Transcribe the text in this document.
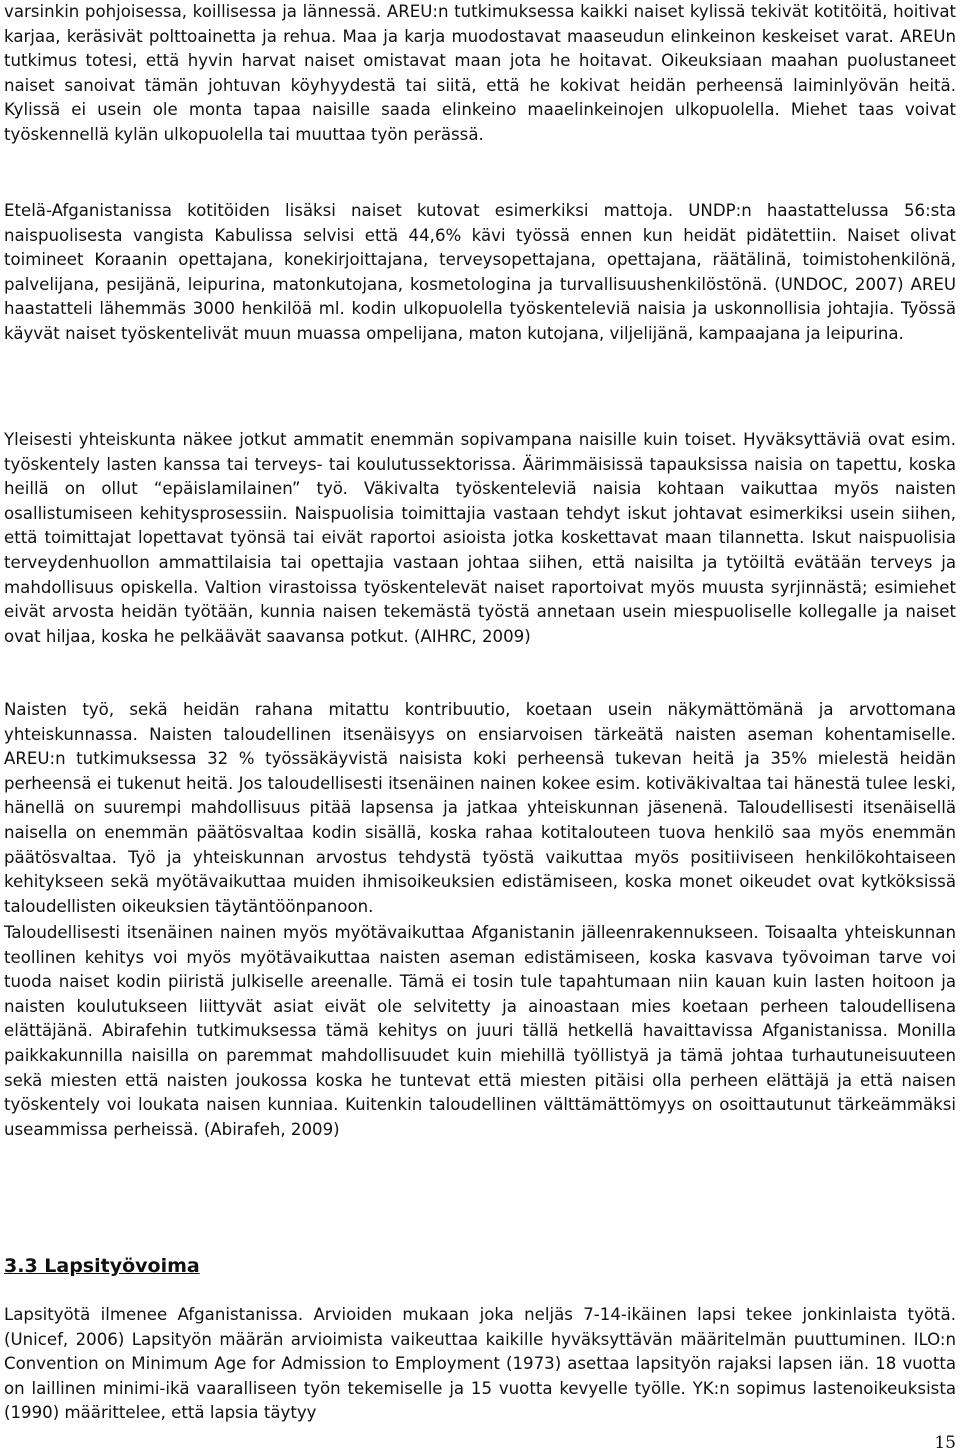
varsinkin pohjoisessa, koillisessa ja lännessä. AREU:n tutkimuksessa kaikki naiset kylissä tekivät kotitöitä, hoitivat karjaa, keräsivät polttoainetta ja rehua. Maa ja karja muodostavat maaseudun elinkeinon keskeiset varat. AREUn tutkimus totesi, että hyvin harvat naiset omistavat maan jota he hoitavat. Oikeuksiaan maahan puolustaneet naiset sanoivat tämän johtuvan köyhyydestä tai siitä, että he kokivat heidän perheensä laiminlyövän heitä. Kylissä ei usein ole monta tapaa naisille saada elinkeino maaelinkeinojen ulkopuolella. Miehet taas voivat työskennellä kylän ulkopuolella tai muuttaa työn perässä.

Etelä-Afganistanissa kotitöiden lisäksi naiset kutovat esimerkiksi mattoja. UNDP:n haastattelussa 56:sta naispuolisesta vangista Kabulissa selvisi että 44,6% kävi työssä ennen kun heidät pidätettiin. Naiset olivat toimineet Koraanin opettajana, konekirjoittajana, terveysopettajana, opettajana, räätälinä, toimistohenkilönä, palvelijana, pesijänä, leipurina, matonkutojana, kosmetologina ja turvallisuushenkilöstönä. (UNDOC, 2007) AREU haastatteli lähemmäs 3000 henkilöä ml. kodin ulkopuolella työskenteleviä naisia ja uskonnollisia johtajia. Työssä käyvät naiset työskentelivät muun muassa ompelijana, maton kutojana, viljelijänä, kampaajana ja leipurina.

Yleisesti yhteiskunta näkee jotkut ammatit enemmän sopivampana naisille kuin toiset. Hyväksyttäviä ovat esim. työskentely lasten kanssa tai terveys- tai koulutussektorissa. Äärimmäisissä tapauksissa naisia on tapettu, koska heillä on ollut “epäislamilainen” työ. Väkivalta työskenteleviä naisia kohtaan vaikuttaa myös naisten osallistumiseen kehitysprosessiin. Naispuolisia toimittajia vastaan tehdyt iskut johtavat esimerkiksi usein siihen, että toimittajat lopettavat työnsä tai eivät raportoi asioista jotka koskettavat maan tilannetta. Iskut naispuolisia terveydenhuollon ammattilaisia tai opettajia vastaan johtaa siihen, että naisilta ja tytöiltä evätään terveys ja mahdollisuus opiskella. Valtion virastoissa työskentelevät naiset raportoivat myös muusta syrjinnästä; esimiehet eivät arvosta heidän työtään, kunnia naisen tekemästä työstä annetaan usein miespuoliselle kollegalle ja naiset ovat hiljaa, koska he pelkäävät saavansa potkut. (AIHRC, 2009)

Naisten työ, sekä heidän rahana mitattu kontribuutio, koetaan usein näkymättömänä ja arvottomana yhteiskunnassa. Naisten taloudellinen itsenäisyys on ensiarvoisen tärkeätä naisten aseman kohentamiselle. AREU:n tutkimuksessa 32 % työssäkäyvistä naisista koki perheensä tukevan heitä ja 35% mielestä heidän perheensä ei tukenut heitä. Jos taloudellisesti itsenäinen nainen kokee esim. kotiväkivaltaa tai hänestä tulee leski, hänellä on suurempi mahdollisuus pitää lapsensa ja jatkaa yhteiskunnan jäsenenä. Taloudellisesti itsenäisellä naisella on enemmän päätösvaltaa kodin sisällä, koska rahaa kotitalouteen tuova henkilö saa myös enemmän päätösvaltaa. Työ ja yhteiskunnan arvostus tehdystä työstä vaikuttaa myös positiiviseen henkilökohtaiseen kehitykseen sekä myötävaikuttaa muiden ihmisoikeuksien edistämiseen, koska monet oikeudet ovat kytköksissä taloudellisten oikeuksien täytäntöönpanoon.

Taloudellisesti itsenäinen nainen myös myötävaikuttaa Afganistanin jälleenrakennukseen. Toisaalta yhteiskunnan teollinen kehitys voi myös myötävaikuttaa naisten aseman edistämiseen, koska kasvava työvoiman tarve voi tuoda naiset kodin piiristä julkiselle areenalle. Tämä ei tosin tule tapahtumaan niin kauan kuin lasten hoitoon ja naisten koulutukseen liittyvät asiat eivät ole selvitetty ja ainoastaan mies koetaan perheen taloudellisena elättäjänä. Abirafehin tutkimuksessa tämä kehitys on juuri tällä hetkellä havaittavissa Afganistanissa. Monilla paikkakunnilla naisilla on paremmat mahdollisuudet kuin miehillä työllistyä ja tämä johtaa turhautuneisuuteen sekä miesten että naisten joukossa koska he tuntevat että miesten pitäisi olla perheen elättäjä ja että naisen työskentely voi loukata naisen kunniaa. Kuitenkin taloudellinen välttämättömyys on osoittautunut tärkeämmäksi useammissa perheissä. (Abirafeh, 2009)

3.3 Lapsityövoima

Lapsityötä ilmenee Afganistanissa. Arvioiden mukaan joka neljäs 7-14-ikäinen lapsi tekee jonkinlaista työtä. (Unicef, 2006) Lapsityön määrän arvioimista vaikeuttaa kaikille hyväksyttävän määritelmän puuttuminen. ILO:n Convention on Minimum Age for Admission to Employment (1973) asettaa lapsityön rajaksi lapsen iän. 18 vuotta on laillinen minimi-ikä vaaralliseen työn tekemiselle ja 15 vuotta kevyelle työlle. YK:n sopimus lastenoikeuksista (1990) määrittelee, että lapsia täytyy

15
